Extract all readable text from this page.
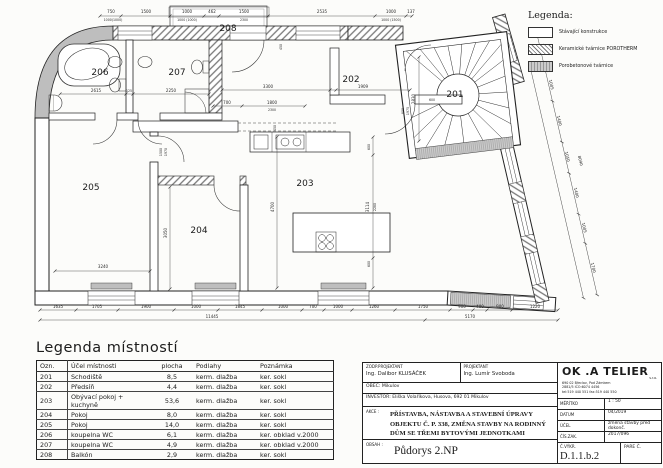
201
202
203
204
205
206	207
208
750	1500	1000	462	1500	2535	1000	137
1000(1000)	1000 (1000)	2300	1000 (1500)
1635	1705	1900	1000	1845	1000	700	1000	1260	1750	900	400	900	1220
11445	5170
1005
1400
1050
1400
1005
1700
8090
2615	125	2250
3300	1909
2830
450
450
700	1800
2300
4700
600
3114 2280
600
3240
3050
1500 1970
800 1975
600
Legenda:
Stávající konstrukce
Keramické tvárnice POROTHERM
Porobetonové tvárnice
Legenda místností
Ozn.	Účel místnosti	plocha	Podlahy	Poznámka
201	Schodiště	8,5	kerm. dlažba	ker. sokl
202	Předsíň	4,4	kerm. dlažba	ker. sokl
203	Obývací pokoj + kuchyně	53,6	kerm. dlažba	ker. sokl
204	Pokoj	8,0	kerm. dlažba	ker. sokl
205	Pokoj	14,0	kerm. dlažba	ker. sokl
206	koupelna WC	6,1	kerm. dlažba	ker. obklad v.2000
207	koupelna WC	4,9	kerm. dlažba	ker. obklad v.2000
208	Balkón	2,9	kerm. dlažba	ker. sokl
ZODP.PROJEKTANT
Ing. Dalibor KLUSÁČEK
PROJEKTANT
Ing. Lumír Svoboda
OBEC: Mikulov
INVESTOR: Eliška Volaříkova, Husova, 692 01 Mikulov
AKCE :	PŘÍSTAVBA, NÁSTAVBA A STAVEBNÍ ÚPRAVY OBJEKTU Č. P. 338, ZMĚNA STAVBY NA RODINNÝ DŮM SE TŘEMI BYTOVÝMI JEDNOTKAMI
OBSAH :
Půdorys 2.NP
OK .A TELIER s.r.o.
690 02 Břeclav, Pod Zámkem
2881/5 IČO:6074 4456
tel:519 440 551 fax:519 440 550
MĚŘÍTKO	1 : 50
DATUM	04/2019
ÚČEL	změna stavby před dokonč.
ČÍS.ZAK.	2017/096
Č.VÝKR.
D.1.1.b.2
PARE Č.
